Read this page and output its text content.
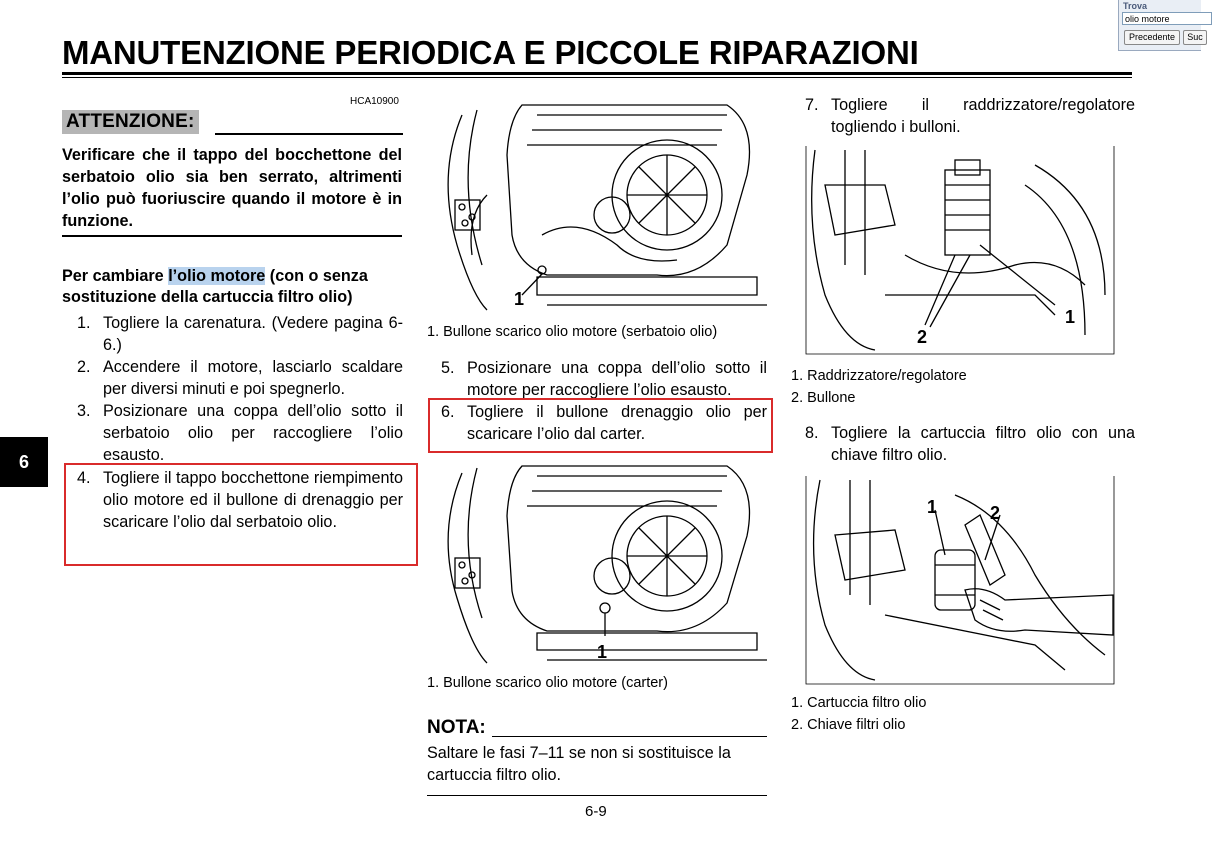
MANUTENZIONE PERIODICA E PICCOLE RIPARAZIONI
Trova
olio motore
Precedente	Suc
6
HCA10900
ATTENZIONE:
Verificare che il tappo del bocchettone del serbatoio olio sia ben serrato, altrimenti l’olio può fuoriuscire quando il motore è in funzione.
Per cambiare l’olio motore (con o senza sostituzione della cartuccia filtro olio)
1. Togliere la carenatura. (Vedere pagina 6-6.)
2. Accendere il motore, lasciarlo scaldare per diversi minuti e poi spegnerlo.
3. Posizionare una coppa dell’olio sotto il serbatoio olio per raccogliere l’olio esausto.
4. Togliere il tappo bocchettone riempimento olio motore ed il bullone di drenaggio per scaricare l’olio dal serbatoio olio.
1
1. Bullone scarico olio motore (serbatoio olio)
5. Posizionare una coppa dell’olio sotto il motore per raccogliere l’olio esausto.
6. Togliere il bullone drenaggio olio per scaricare l’olio dal carter.
1
1. Bullone scarico olio motore (carter)
NOTA:
Saltare le fasi 7–11 se non si sostituisce la cartuccia filtro olio.
6-9
7. Togliere il raddrizzatore/regolatore togliendo i bulloni.
1
2
1. Raddrizzatore/regolatore
2. Bullone
8. Togliere la cartuccia filtro olio con una chiave filtro olio.
1	2
1. Cartuccia filtro olio
2. Chiave filtri olio
